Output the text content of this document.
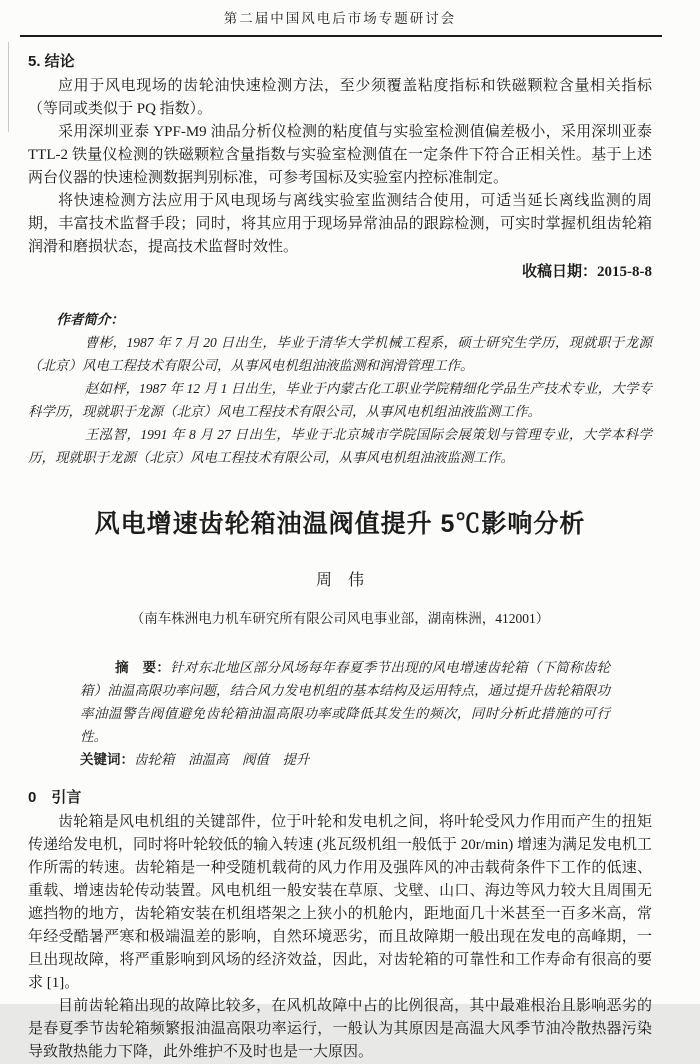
第二届中国风电后市场专题研讨会
5. 结论

应用于风电现场的齿轮油快速检测方法，至少须覆盖粘度指标和铁磁颗粒含量相关指标（等同或类似于 PQ 指数）。

采用深圳亚泰 YPF-M9 油品分析仪检测的粘度值与实验室检测值偏差极小，采用深圳亚泰 TTL-2 铁量仪检测的铁磁颗粒含量指数与实验室检测值在一定条件下符合正相关性。基于上述两台仪器的快速检测数据判别标准，可参考国标及实验室内控标准制定。

将快速检测方法应用于风电现场与离线实验室监测结合使用，可适当延长离线监测的周期，丰富技术监督手段；同时，将其应用于现场异常油品的跟踪检测，可实时掌握机组齿轮箱润滑和磨损状态，提高技术监督时效性。

收稿日期：2015-8-8

作者简介：

曹彬，1987 年 7 月 20 日出生，毕业于清华大学机械工程系，硕士研究生学历，现就职于龙源（北京）风电工程技术有限公司，从事风电机组油液监测和润滑管理工作。

赵如枰，1987 年 12 月 1 日出生，毕业于内蒙古化工职业学院精细化学品生产技术专业，大学专科学历，现就职于龙源（北京）风电工程技术有限公司，从事风电机组油液监测工作。

王泓智，1991 年 8 月 27 日出生，毕业于北京城市学院国际会展策划与管理专业，大学本科学历，现就职于龙源（北京）风电工程技术有限公司，从事风电机组油液监测工作。

风电增速齿轮箱油温阀值提升 5℃影响分析

周　伟

（南车株洲电力机车研究所有限公司风电事业部，湖南株洲，412001）

摘　要：针对东北地区部分风场每年春夏季节出现的风电增速齿轮箱（下简称齿轮箱）油温高限功率问题，结合风力发电机组的基本结构及运用特点，通过提升齿轮箱限功率油温警告阀值避免齿轮箱油温高限功率或降低其发生的频次，同时分析此措施的可行性。

关键词：齿轮箱　油温高　阀值　提升

0　引言

齿轮箱是风电机组的关键部件，位于叶轮和发电机之间，将叶轮受风力作用而产生的扭矩传递给发电机，同时将叶轮较低的输入转速 (兆瓦级机组一般低于 20r/min) 增速为满足发电机工作所需的转速。齿轮箱是一种受随机载荷的风力作用及强阵风的冲击载荷条件下工作的低速、重载、增速齿轮传动装置。风电机组一般安装在草原、戈壁、山口、海边等风力较大且周围无遮挡物的地方，齿轮箱安装在机组塔架之上狭小的机舱内，距地面几十米甚至一百多米高，常年经受酷暑严寒和极端温差的影响，自然环境恶劣，而且故障期一般出现在发电的高峰期，一旦出现故障，将严重影响到风场的经济效益，因此，对齿轮箱的可靠性和工作寿命有很高的要求 [1]。

目前齿轮箱出现的故障比较多，在风机故障中占的比例很高，其中最难根治且影响恶劣的是春夏季节齿轮箱频繁报油温高限功率运行，一般认为其原因是高温大风季节油冷散热器污染导致散热能力下降，此外维护不及时也是一大原因。
